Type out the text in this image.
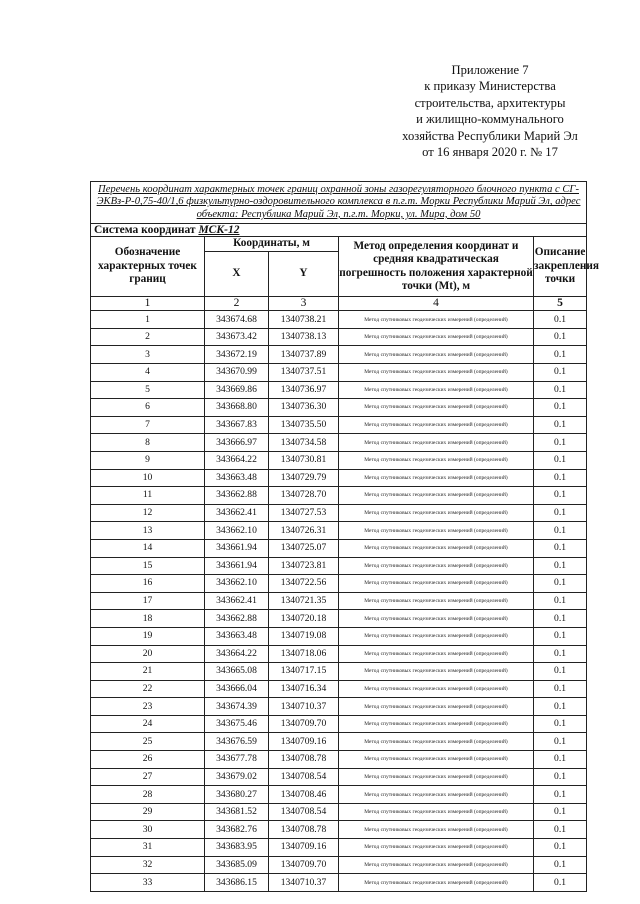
Приложение 7
к приказу Министерства
строительства, архитектуры
и жилищно-коммунального
хозяйства Республики Марий Эл
от 16 января 2020 г. № 17
Перечень координат характерных точек границ охранной зоны газорегуляторного блочного пункта с СГ-ЭКВз-Р-0,75-40/1,6 физкультурно-оздоровительного комплекса в п.г.т. Морки Республики Марий Эл, адрес объекта: Республика Марий Эл, п.г.т. Морки, ул. Мира, дом 50				
Система координат МСК-12				
Обозначение характерных точек границ	Координаты, м		Метод определения координат и средняя квадратическая погрешность положения характерной точки (Mt), м	Описание закрепления точки
	X	Y		
1	2	3	4	5
1	343674.68	1340738.21	Метод спутниковых геодезических измерений (определений)	0.1
2	343673.42	1340738.13	Метод спутниковых геодезических измерений (определений)	0.1
3	343672.19	1340737.89	Метод спутниковых геодезических измерений (определений)	0.1
4	343670.99	1340737.51	Метод спутниковых геодезических измерений (определений)	0.1
5	343669.86	1340736.97	Метод спутниковых геодезических измерений (определений)	0.1
6	343668.80	1340736.30	Метод спутниковых геодезических измерений (определений)	0.1
7	343667.83	1340735.50	Метод спутниковых геодезических измерений (определений)	0.1
8	343666.97	1340734.58	Метод спутниковых геодезических измерений (определений)	0.1
9	343664.22	1340730.81	Метод спутниковых геодезических измерений (определений)	0.1
10	343663.48	1340729.79	Метод спутниковых геодезических измерений (определений)	0.1
11	343662.88	1340728.70	Метод спутниковых геодезических измерений (определений)	0.1
12	343662.41	1340727.53	Метод спутниковых геодезических измерений (определений)	0.1
13	343662.10	1340726.31	Метод спутниковых геодезических измерений (определений)	0.1
14	343661.94	1340725.07	Метод спутниковых геодезических измерений (определений)	0.1
15	343661.94	1340723.81	Метод спутниковых геодезических измерений (определений)	0.1
16	343662.10	1340722.56	Метод спутниковых геодезических измерений (определений)	0.1
17	343662.41	1340721.35	Метод спутниковых геодезических измерений (определений)	0.1
18	343662.88	1340720.18	Метод спутниковых геодезических измерений (определений)	0.1
19	343663.48	1340719.08	Метод спутниковых геодезических измерений (определений)	0.1
20	343664.22	1340718.06	Метод спутниковых геодезических измерений (определений)	0.1
21	343665.08	1340717.15	Метод спутниковых геодезических измерений (определений)	0.1
22	343666.04	1340716.34	Метод спутниковых геодезических измерений (определений)	0.1
23	343674.39	1340710.37	Метод спутниковых геодезических измерений (определений)	0.1
24	343675.46	1340709.70	Метод спутниковых геодезических измерений (определений)	0.1
25	343676.59	1340709.16	Метод спутниковых геодезических измерений (определений)	0.1
26	343677.78	1340708.78	Метод спутниковых геодезических измерений (определений)	0.1
27	343679.02	1340708.54	Метод спутниковых геодезических измерений (определений)	0.1
28	343680.27	1340708.46	Метод спутниковых геодезических измерений (определений)	0.1
29	343681.52	1340708.54	Метод спутниковых геодезических измерений (определений)	0.1
30	343682.76	1340708.78	Метод спутниковых геодезических измерений (определений)	0.1
31	343683.95	1340709.16	Метод спутниковых геодезических измерений (определений)	0.1
32	343685.09	1340709.70	Метод спутниковых геодезических измерений (определений)	0.1
33	343686.15	1340710.37	Метод спутниковых геодезических измерений (определений)	0.1
